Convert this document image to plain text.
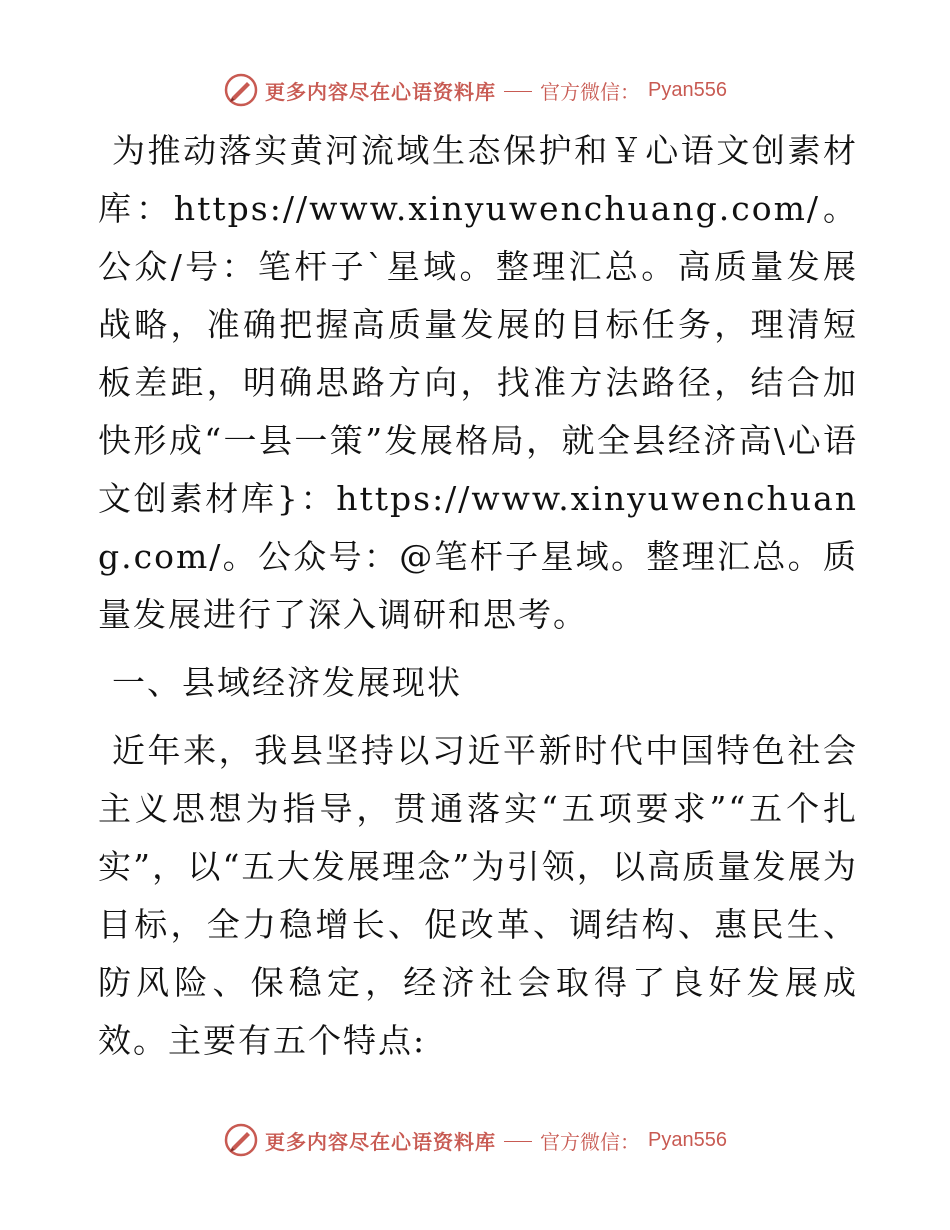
更多内容尽在心语资料库 官方微信： Pyan556

为推动落实黄河流域生态保护和￥心语文创素材库：https://www.xinyuwenchuang.com/。公众/号：笔杆子`星域。整理汇总。高质量发展战略，准确把握高质量发展的目标任务，理清短板差距，明确思路方向，找准方法路径，结合加快形成“一县一策”发展格局，就全县经济高\心语文创素材库}：https://www.xinyuwenchuang.com/。公众号：@笔杆子星域。整理汇总。质量发展进行了深入调研和思考。

一、县域经济发展现状

近年来，我县坚持以习近平新时代中国特色社会主义思想为指导，贯通落实“五项要求”“五个扎实”，以“五大发展理念”为引领，以高质量发展为目标，全力稳增长、促改革、调结构、惠民生、防风险、保稳定，经济社会取得了良好发展成效。主要有五个特点:

更多内容尽在心语资料库 官方微信： Pyan556
